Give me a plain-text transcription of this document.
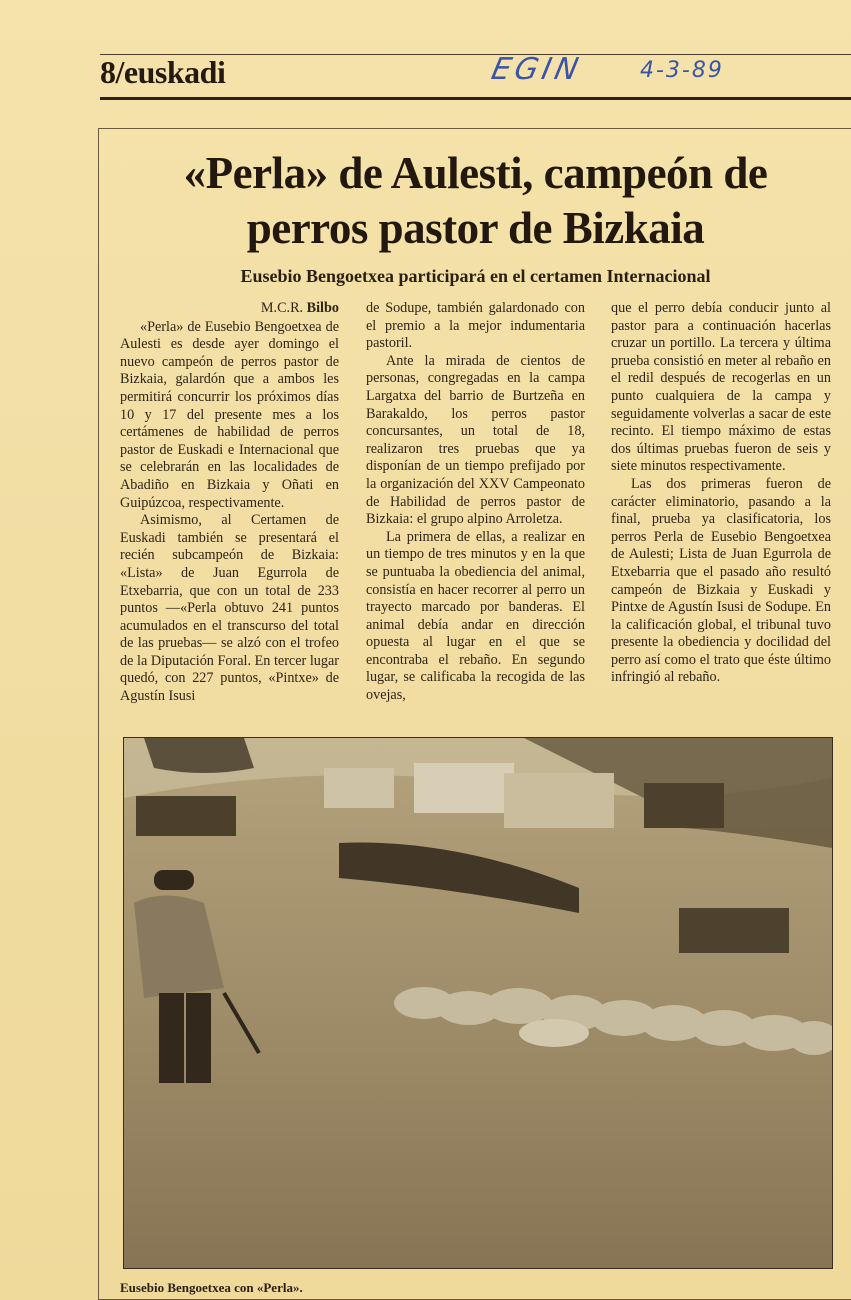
8/euskadi	EGIN 4-3-89
«Perla» de Aulesti, campeón de
perros pastor de Bizkaia
Eusebio Bengoetxea participará en el certamen Internacional
M.C.R. Bilbo

«Perla» de Eusebio Bengoetxea de Aulesti es desde ayer domingo el nuevo campeón de perros pastor de Bizkaia, galardón que a ambos les permitirá concurrir los próximos días 10 y 17 del presente mes a los certámenes de habilidad de perros pastor de Euskadi e Internacional que se celebrarán en las localidades de Abadiño en Bizkaia y Oñati en Guipúzcoa, respectivamente.

Asimismo, al Certamen de Euskadi también se presentará el recién subcampeón de Bizkaia: «Lista» de Juan Egurrola de Etxebarria, que con un total de 233 puntos —«Perla obtuvo 241 puntos acumulados en el transcurso del total de las pruebas— se alzó con el trofeo de la Diputación Foral. En tercer lugar quedó, con 227 puntos, «Pintxe» de Agustín Isusi

de Sodupe, también galardonado con el premio a la mejor indumentaria pastoril.

Ante la mirada de cientos de personas, congregadas en la campa Largatxa del barrio de Burtzeña en Barakaldo, los perros pastor concursantes, un total de 18, realizaron tres pruebas que ya disponían de un tiempo prefijado por la organización del XXV Campeonato de Habilidad de perros pastor de Bizkaia: el grupo alpino Arroletza.

La primera de ellas, a realizar en un tiempo de tres minutos y en la que se puntuaba la obediencia del animal, consistía en hacer recorrer al perro un trayecto marcado por banderas. El animal debía andar en dirección opuesta al lugar en el que se encontraba el rebaño. En segundo lugar, se calificaba la recogida de las ovejas,

que el perro debía conducir junto al pastor para a continuación hacerlas cruzar un portillo. La tercera y última prueba consistió en meter al rebaño en el redil después de recogerlas en un punto cualquiera de la campa y seguidamente volverlas a sacar de este recinto. El tiempo máximo de estas dos últimas pruebas fueron de seis y siete minutos respectivamente.

Las dos primeras fueron de carácter eliminatorio, pasando a la final, prueba ya clasificatoria, los perros Perla de Eusebio Bengoetxea de Aulesti; Lista de Juan Egurrola de Etxebarria que el pasado año resultó campeón de Bizkaia y Euskadi y Pintxe de Agustín Isusi de Sodupe. En la calificación global, el tribunal tuvo presente la obediencia y docilidad del perro así como el trato que éste último infringió al rebaño.

Eusebio Bengoetxea con «Perla».
